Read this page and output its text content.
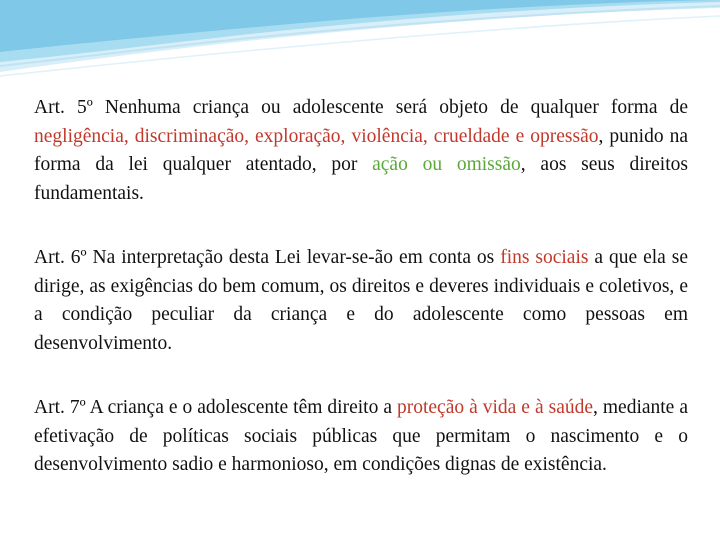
Art. 5º Nenhuma criança ou adolescente será objeto de qualquer forma de negligência, discriminação, exploração, violência, crueldade e opressão, punido na forma da lei qualquer atentado, por ação ou omissão, aos seus direitos fundamentais.

Art. 6º Na interpretação desta Lei levar-se-ão em conta os fins sociais a que ela se dirige, as exigências do bem comum, os direitos e deveres individuais e coletivos, e a condição peculiar da criança e do adolescente como pessoas em desenvolvimento.

Art. 7º A criança e o adolescente têm direito a proteção à vida e à saúde, mediante a efetivação de políticas sociais públicas que permitam o nascimento e o desenvolvimento sadio e harmonioso, em condições dignas de existência.
